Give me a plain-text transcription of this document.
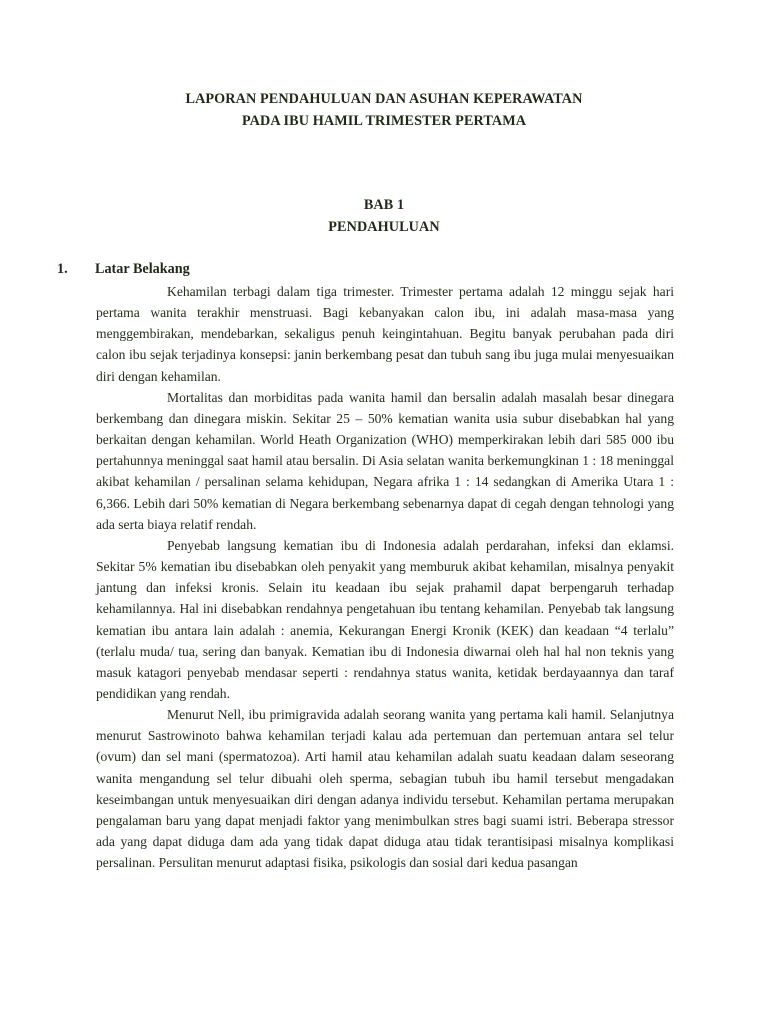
LAPORAN PENDAHULUAN DAN ASUHAN KEPERAWATAN
PADA IBU HAMIL TRIMESTER PERTAMA
BAB 1
PENDAHULUAN
1. Latar Belakang

Kehamilan terbagi dalam tiga trimester. Trimester pertama adalah 12 minggu sejak hari pertama wanita terakhir menstruasi. Bagi kebanyakan calon ibu, ini adalah masa-masa yang menggembirakan, mendebarkan, sekaligus penuh keingintahuan. Begitu banyak perubahan pada diri calon ibu sejak terjadinya konsepsi: janin berkembang pesat dan tubuh sang ibu juga mulai menyesuaikan diri dengan kehamilan.

Mortalitas dan morbiditas pada wanita hamil dan bersalin adalah masalah besar dinegara berkembang dan dinegara miskin. Sekitar 25 – 50% kematian wanita usia subur disebabkan hal yang berkaitan dengan kehamilan. World Heath Organization (WHO) memperkirakan lebih dari 585 000 ibu pertahunnya meninggal saat hamil atau bersalin. Di Asia selatan wanita berkemungkinan 1 : 18 meninggal akibat kehamilan / persalinan selama kehidupan, Negara afrika 1 : 14 sedangkan di Amerika Utara 1 : 6,366. Lebih dari 50% kematian di Negara berkembang sebenarnya dapat di cegah dengan tehnologi yang ada serta biaya relatif rendah.

Penyebab langsung kematian ibu di Indonesia adalah perdarahan, infeksi dan eklamsi. Sekitar 5% kematian ibu disebabkan oleh penyakit yang memburuk akibat kehamilan, misalnya penyakit jantung dan infeksi kronis. Selain itu keadaan ibu sejak prahamil dapat berpengaruh terhadap kehamilannya. Hal ini disebabkan rendahnya pengetahuan ibu tentang kehamilan. Penyebab tak langsung kematian ibu antara lain adalah : anemia, Kekurangan Energi Kronik (KEK) dan keadaan “4 terlalu” (terlalu muda/ tua, sering dan banyak. Kematian ibu di Indonesia diwarnai oleh hal hal non teknis yang masuk katagori penyebab mendasar seperti : rendahnya status wanita, ketidak berdayaannya dan taraf pendidikan yang rendah.

Menurut Nell, ibu primigravida adalah seorang wanita yang pertama kali hamil. Selanjutnya menurut Sastrowinoto bahwa kehamilan terjadi kalau ada pertemuan dan pertemuan antara sel telur (ovum) dan sel mani (spermatozoa). Arti hamil atau kehamilan adalah suatu keadaan dalam seseorang wanita mengandung sel telur dibuahi oleh sperma, sebagian tubuh ibu hamil tersebut mengadakan keseimbangan untuk menyesuaikan diri dengan adanya individu tersebut. Kehamilan pertama merupakan pengalaman baru yang dapat menjadi faktor yang menimbulkan stres bagi suami istri. Beberapa stressor ada yang dapat diduga dam ada yang tidak dapat diduga atau tidak terantisipasi misalnya komplikasi persalinan. Persulitan menurut adaptasi fisika, psikologis dan sosial dari kedua pasangan
